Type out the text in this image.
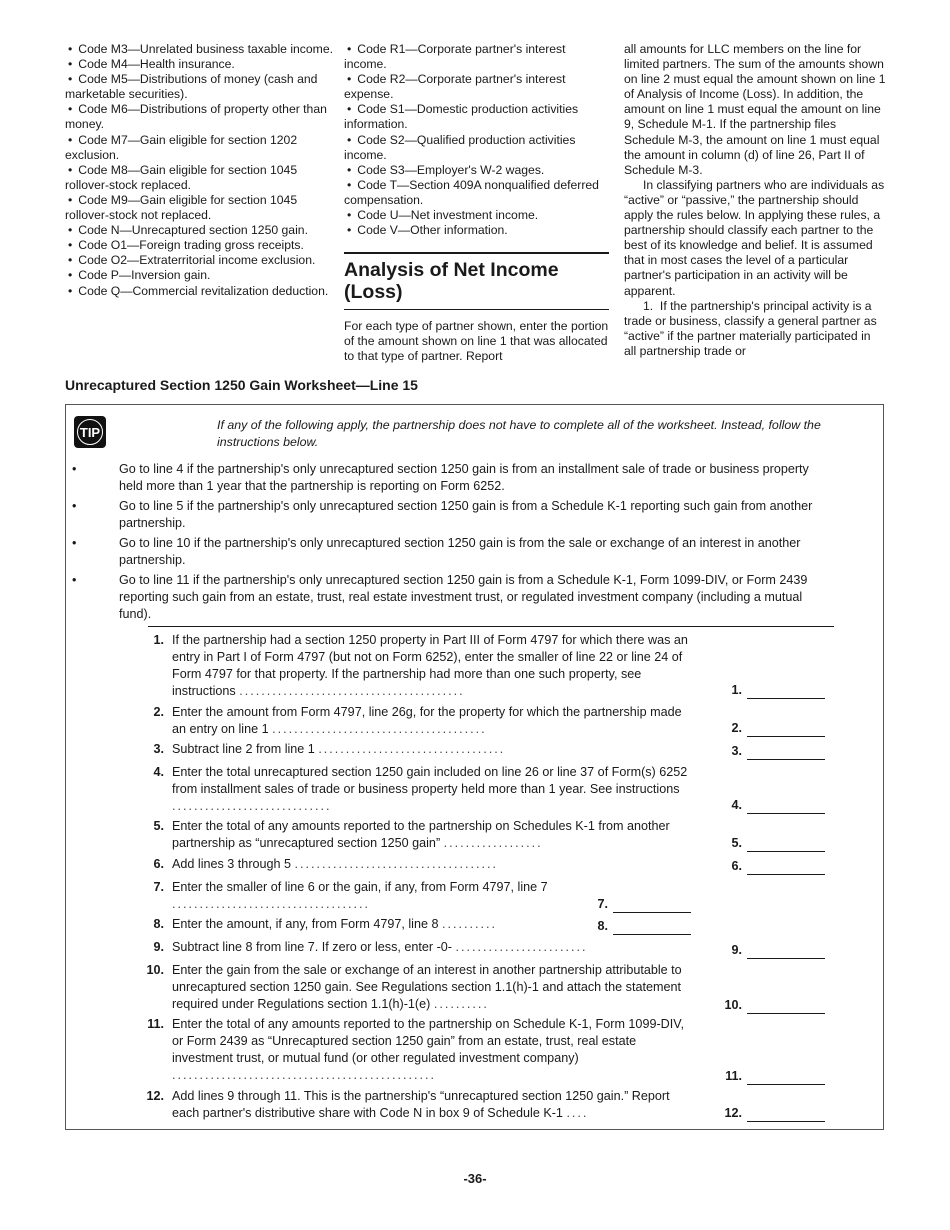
• Code M3—Unrelated business taxable income.

• Code M4—Health insurance.

• Code M5—Distributions of money (cash and marketable securities).

• Code M6—Distributions of property other than money.

• Code M7—Gain eligible for section 1202 exclusion.

• Code M8—Gain eligible for section 1045 rollover-stock replaced.

• Code M9—Gain eligible for section 1045 rollover-stock not replaced.

• Code N—Unrecaptured section 1250 gain.

• Code O1—Foreign trading gross receipts.

• Code O2—Extraterritorial income exclusion.

• Code P—Inversion gain.

• Code Q—Commercial revitalization deduction.

• Code R1—Corporate partner's interest income.

• Code R2—Corporate partner's interest expense.

• Code S1—Domestic production activities information.

• Code S2—Qualified production activities income.

• Code S3—Employer's W-2 wages.

• Code T—Section 409A nonqualified deferred compensation.

• Code U—Net investment income.

• Code V—Other information.

Analysis of Net Income (Loss)

For each type of partner shown, enter the portion of the amount shown on line 1 that was allocated to that type of partner. Report

all amounts for LLC members on the line for limited partners. The sum of the amounts shown on line 2 must equal the amount shown on line 1 of Analysis of Income (Loss). In addition, the amount on line 1 must equal the amount on line 9, Schedule M-1. If the partnership files Schedule M-3, the amount on line 1 must equal the amount in column (d) of line 26, Part II of Schedule M-3.

In classifying partners who are individuals as “active” or “passive,” the partnership should apply the rules below. In applying these rules, a partnership should classify each partner to the best of its knowledge and belief. It is assumed that in most cases the level of a particular partner's participation in an activity will be apparent.

1.  If the partnership's principal activity is a trade or business, classify a general partner as “active” if the partner materially participated in all partnership trade or

Unrecaptured Section 1250 Gain Worksheet—Line 15
TIP	If any of the following apply, the partnership does not have to complete all of the worksheet. Instead, follow the instructions below.
•	Go to line 4 if the partnership's only unrecaptured section 1250 gain is from an installment sale of trade or business property held more than 1 year that the partnership is reporting on Form 6252.
•	Go to line 5 if the partnership's only unrecaptured section 1250 gain is from a Schedule K-1 reporting such gain from another partnership.
•	Go to line 10 if the partnership's only unrecaptured section 1250 gain is from the sale or exchange of an interest in another partnership.
•	Go to line 11 if the partnership's only unrecaptured section 1250 gain is from a Schedule K-1, Form 1099-DIV, or Form 2439 reporting such gain from an estate, trust, real estate investment trust, or regulated investment company (including a mutual fund).
1. If the partnership had a section 1250 property in Part III of Form 4797 for which there was an entry in Part I of Form 4797 (but not on Form 6252), enter the smaller of line 22 or line 24 of Form 4797 for that property. If the partnership had more than one such property, see instructions .........................................	1.
2. Enter the amount from Form 4797, line 26g, for the property for which the partnership made an entry on line 1 .......................................	2.
3. Subtract line 2 from line 1 ..................................	3.
4. Enter the total unrecaptured section 1250 gain included on line 26 or line 37 of Form(s) 6252 from installment sales of trade or business property held more than 1 year. See instructions .............................	4.
5. Enter the total of any amounts reported to the partnership on Schedules K-1 from another partnership as “unrecaptured section 1250 gain” ..................	5.
6. Add lines 3 through 5 .....................................	6.
7. Enter the smaller of line 6 or the gain, if any, from Form 4797, line 7 ....................................	7.
8. Enter the amount, if any, from Form 4797, line 8 ..........	8.
9. Subtract line 8 from line 7. If zero or less, enter -0- ........................	9.
10. Enter the gain from the sale or exchange of an interest in another partnership attributable to unrecaptured section 1250 gain. See Regulations section 1.1(h)-1 and attach the statement required under Regulations section 1.1(h)-1(e) ..........	10.
11. Enter the total of any amounts reported to the partnership on Schedule K-1, Form 1099-DIV, or Form 2439 as “Unrecaptured section 1250 gain” from an estate, trust, real estate investment trust, or mutual fund (or other regulated investment company) ................................................	11.
12. Add lines 9 through 11. This is the partnership's “unrecaptured section 1250 gain.” Report each partner's distributive share with Code N in box 9 of Schedule K-1 ....	12.
-36-
